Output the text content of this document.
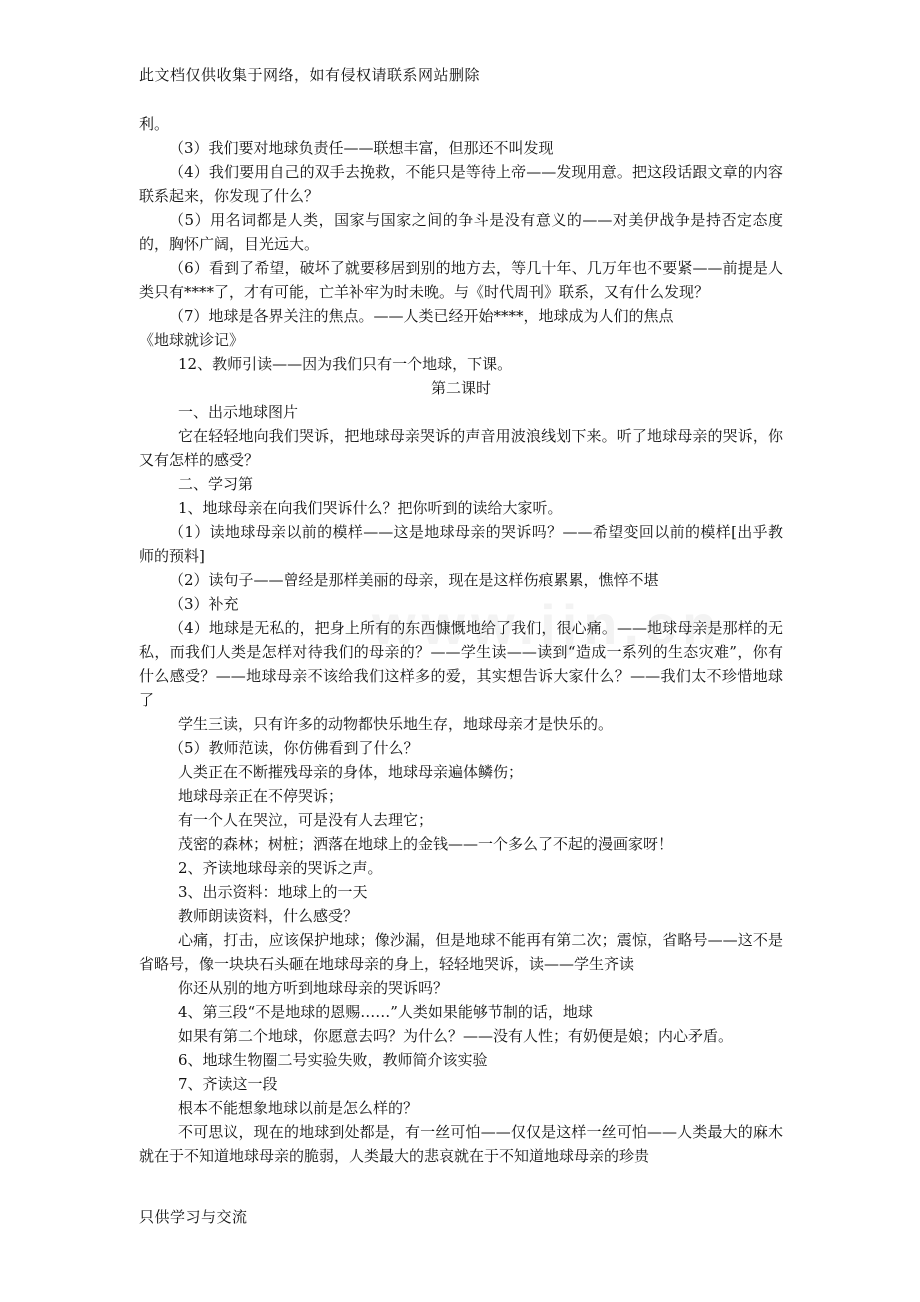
此文档仅供收集于网络，如有侵权请联系网站删除

利。

（3）我们要对地球负责任——联想丰富，但那还不叫发现

（4）我们要用自己的双手去挽救，不能只是等待上帝——发现用意。把这段话跟文章的内容联系起来，你发现了什么？

（5）用名词都是人类，国家与国家之间的争斗是没有意义的——对美伊战争是持否定态度的，胸怀广阔，目光远大。

（6）看到了希望，破坏了就要移居到别的地方去，等几十年、几万年也不要紧——前提是人类只有****了，才有可能，亡羊补牢为时未晚。与《时代周刊》联系，又有什么发现？

（7）地球是各界关注的焦点。——人类已经开始****，地球成为人们的焦点

《地球就诊记》

12、教师引读——因为我们只有一个地球，下课。

第二课时

一、出示地球图片

它在轻轻地向我们哭诉，把地球母亲哭诉的声音用波浪线划下来。听了地球母亲的哭诉，你又有怎样的感受？

二、学习第

1、地球母亲在向我们哭诉什么？把你听到的读给大家听。

（1）读地球母亲以前的模样——这是地球母亲的哭诉吗？——希望变回以前的模样[出乎教师的预料]

（2）读句子——曾经是那样美丽的母亲，现在是这样伤痕累累，憔悴不堪

（3）补充

（4）地球是无私的，把身上所有的东西慷慨地给了我们，很心痛。——地球母亲是那样的无私，而我们人类是怎样对待我们的母亲的？——学生读——读到“造成一系列的生态灾难”，你有什么感受？——地球母亲不该给我们这样多的爱，其实想告诉大家什么？——我们太不珍惜地球了

学生三读，只有许多的动物都快乐地生存，地球母亲才是快乐的。

（5）教师范读，你仿佛看到了什么？

人类正在不断摧残母亲的身体，地球母亲遍体鳞伤；

地球母亲正在不停哭诉；

有一个人在哭泣，可是没有人去理它；

茂密的森林；树桩；洒落在地球上的金钱——一个多么了不起的漫画家呀！

2、齐读地球母亲的哭诉之声。

3、出示资料：地球上的一天

教师朗读资料，什么感受？

心痛，打击，应该保护地球；像沙漏，但是地球不能再有第二次；震惊，省略号——这不是省略号，像一块块石头砸在地球母亲的身上，轻轻地哭诉，读——学生齐读

你还从别的地方听到地球母亲的哭诉吗？

4、第三段“不是地球的恩赐……”人类如果能够节制的话，地球

如果有第二个地球，你愿意去吗？为什么？——没有人性；有奶便是娘；内心矛盾。

6、地球生物圈二号实验失败，教师简介该实验

7、齐读这一段

根本不能想象地球以前是怎么样的？

不可思议，现在的地球到处都是，有一丝可怕——仅仅是这样一丝可怕——人类最大的麻木就在于不知道地球母亲的脆弱，人类最大的悲哀就在于不知道地球母亲的珍贵

只供学习与交流
